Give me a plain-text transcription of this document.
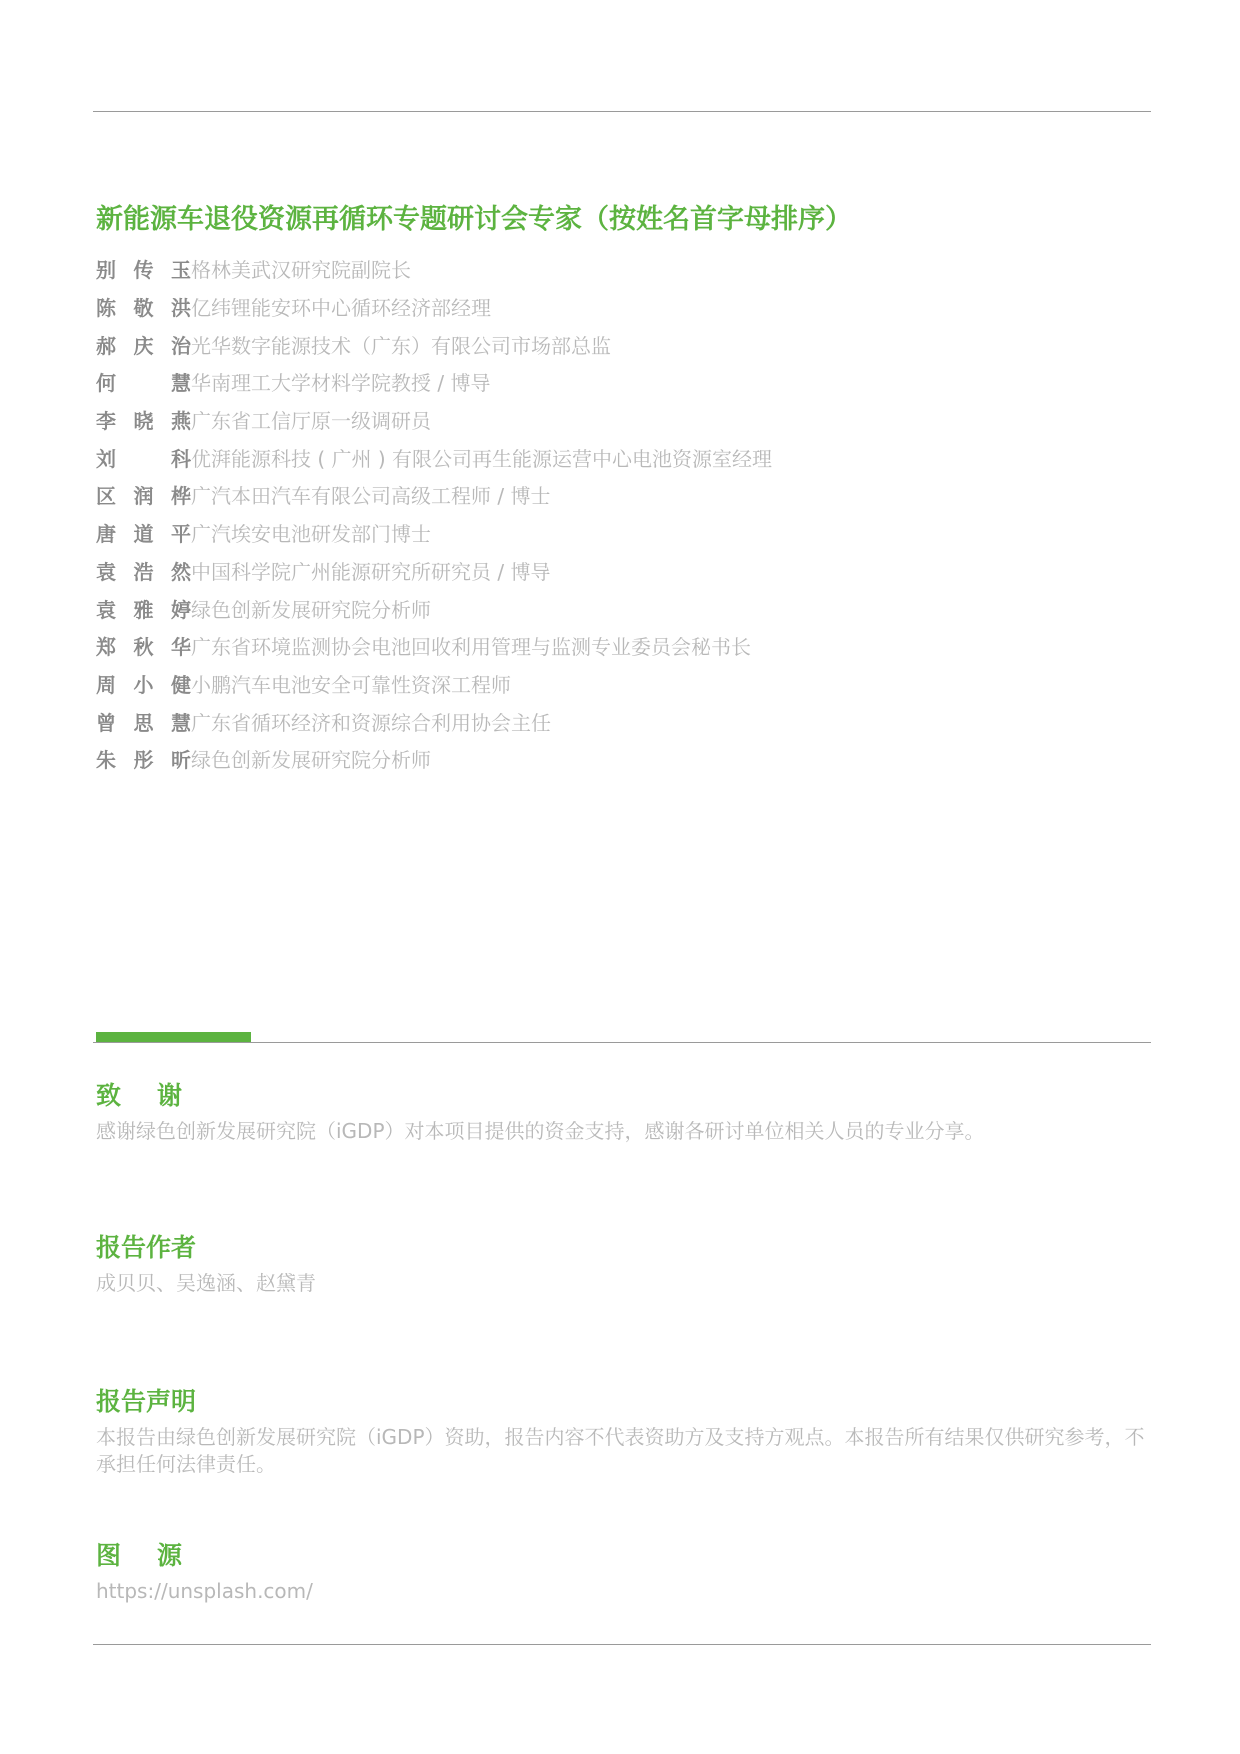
新能源车退役资源再循环专题研讨会专家（按姓名首字母排序）
别传玉 格林美武汉研究院副院长
陈敬洪 亿纬锂能安环中心循环经济部经理
郝庆治 光华数字能源技术（广东）有限公司市场部总监
何 慧 华南理工大学材料学院教授 / 博导
李晓燕 广东省工信厅原一级调研员
刘 科 优湃能源科技 ( 广州 ) 有限公司再生能源运营中心电池资源室经理
区润桦 广汽本田汽车有限公司高级工程师 / 博士
唐道平 广汽埃安电池研发部门博士
袁浩然 中国科学院广州能源研究所研究员 / 博导
袁雅婷 绿色创新发展研究院分析师
郑秋华 广东省环境监测协会电池回收利用管理与监测专业委员会秘书长
周小健 小鹏汽车电池安全可靠性资深工程师
曾思慧 广东省循环经济和资源综合利用协会主任
朱彤昕 绿色创新发展研究院分析师
致谢

感谢绿色创新发展研究院（iGDP）对本项目提供的资金支持，感谢各研讨单位相关人员的专业分享。

报告作者

成贝贝、吴逸涵、赵黛青

报告声明

本报告由绿色创新发展研究院（iGDP）资助，报告内容不代表资助方及支持方观点。本报告所有结果仅供研究参考，不承担任何法律责任。

图源

https://unsplash.com/
